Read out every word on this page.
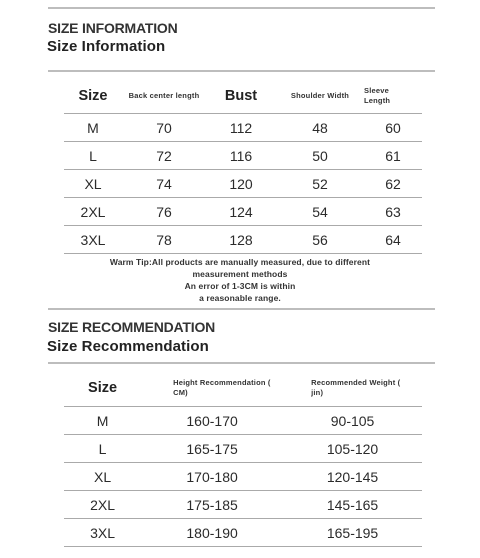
SIZE INFORMATION
Size Information
Size	Back center length	Bust	Shoulder Width	Sleeve Length
M	70	112	48	60
L	72	116	50	61
XL	74	120	52	62
2XL	76	124	54	63
3XL	78	128	56	64
Warm Tip:All products are manually measured, due to different
measurement methods
An error of 1-3CM is within
a reasonable range.
SIZE RECOMMENDATION
Size Recommendation
Size	Height Recommendation ( CM)	Recommended Weight ( jin)
M	160-170	90-105
L	165-175	105-120
XL	170-180	120-145
2XL	175-185	145-165
3XL	180-190	165-195
